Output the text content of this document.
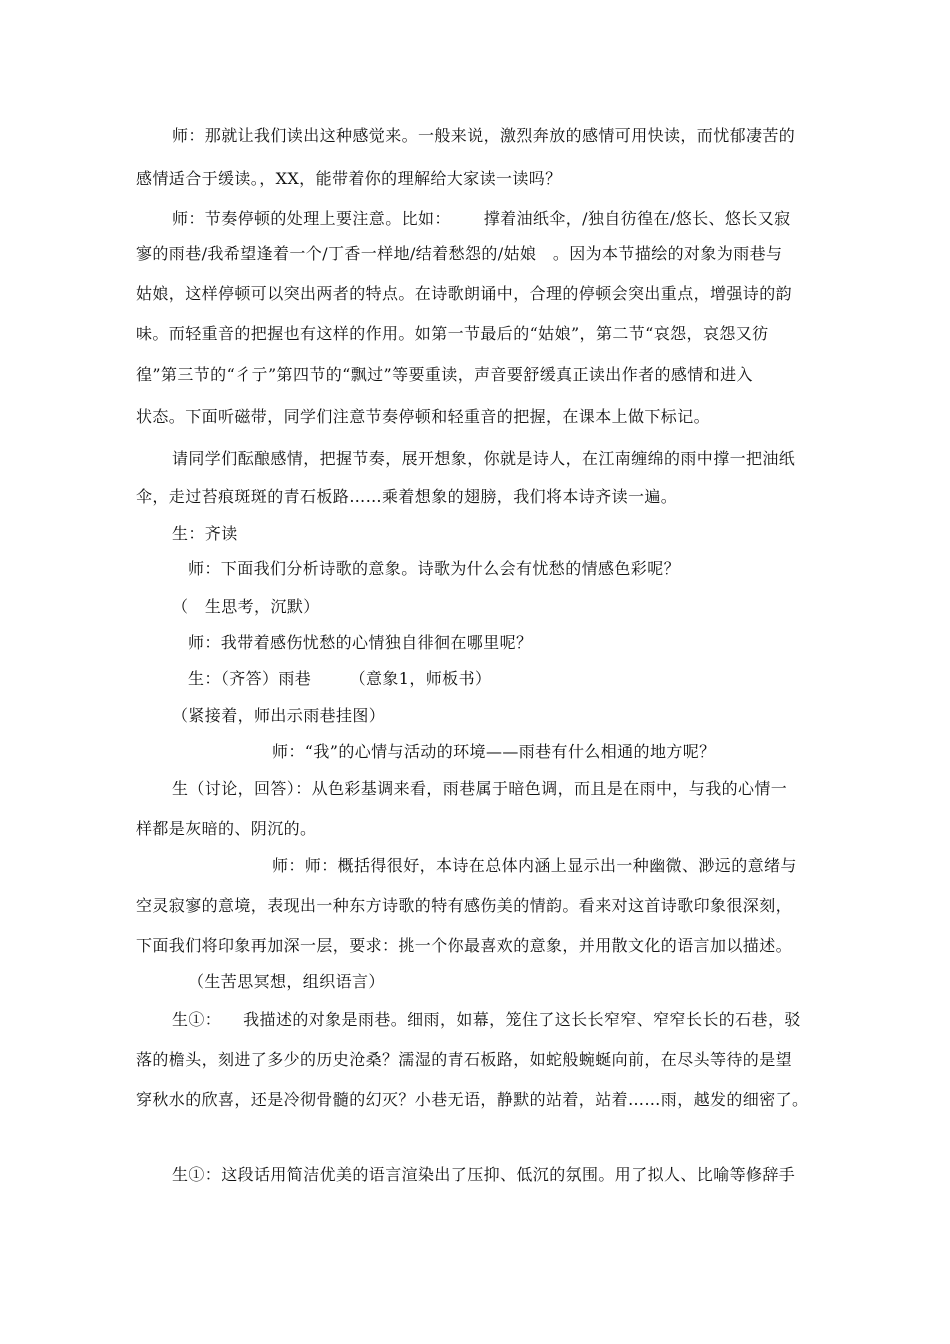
师：那就让我们读出这种感觉来。一般来说，激烈奔放的感情可用快读，而忧郁凄苦的
感情适合于缓读。，XX，能带着你的理解给大家读一读吗？
师：节奏停顿的处理上要注意。比如：      撑着油纸伞，/独自彷徨在/悠长、悠长又寂
寥的雨巷/我希望逢着一个/丁香一样地/结着愁怨的/姑娘   。因为本节描绘的对象为雨巷与
姑娘，这样停顿可以突出两者的特点。在诗歌朗诵中，合理的停顿会突出重点，增强诗的韵
味。而轻重音的把握也有这样的作用。如第一节最后的“姑娘”，第二节“哀怨，哀怨又彷
徨”第三节的“彳亍”第四节的“飘过”等要重读，声音要舒缓真正读出作者的感情和进入
状态。下面听磁带，同学们注意节奏停顿和轻重音的把握，在课本上做下标记。
请同学们酝酿感情，把握节奏，展开想象，你就是诗人，在江南缠绵的雨中撑一把油纸
伞，走过苔痕斑斑的青石板路……乘着想象的翅膀，我们将本诗齐读一遍。
生：齐读
师：下面我们分析诗歌的意象。诗歌为什么会有忧愁的情感色彩呢？
（   生思考，沉默）
师：我带着感伤忧愁的心情独自徘徊在哪里呢？
生：（齐答）雨巷       （意象1，师板书）
（紧接着，师出示雨巷挂图）
师：“我”的心情与活动的环境——雨巷有什么相通的地方呢？
生（讨论，回答）：从色彩基调来看，雨巷属于暗色调，而且是在雨中，与我的心情一
样都是灰暗的、阴沉的。
师：师：概括得很好，本诗在总体内涵上显示出一种幽微、渺远的意绪与
空灵寂寥的意境，表现出一种东方诗歌的特有感伤美的情韵。看来对这首诗歌印象很深刻，
下面我们将印象再加深一层，要求：挑一个你最喜欢的意象，并用散文化的语言加以描述。
（生苦思冥想，组织语言）
生①：    我描述的对象是雨巷。细雨，如幕，笼住了这长长窄窄、窄窄长长的石巷，驳
落的檐头，刻进了多少的历史沧桑？濡湿的青石板路，如蛇般蜿蜒向前，在尽头等待的是望
穿秋水的欣喜，还是冷彻骨髓的幻灭？小巷无语，静默的站着，站着……雨，越发的细密了。
生①：这段话用简洁优美的语言渲染出了压抑、低沉的氛围。用了拟人、比喻等修辞手
